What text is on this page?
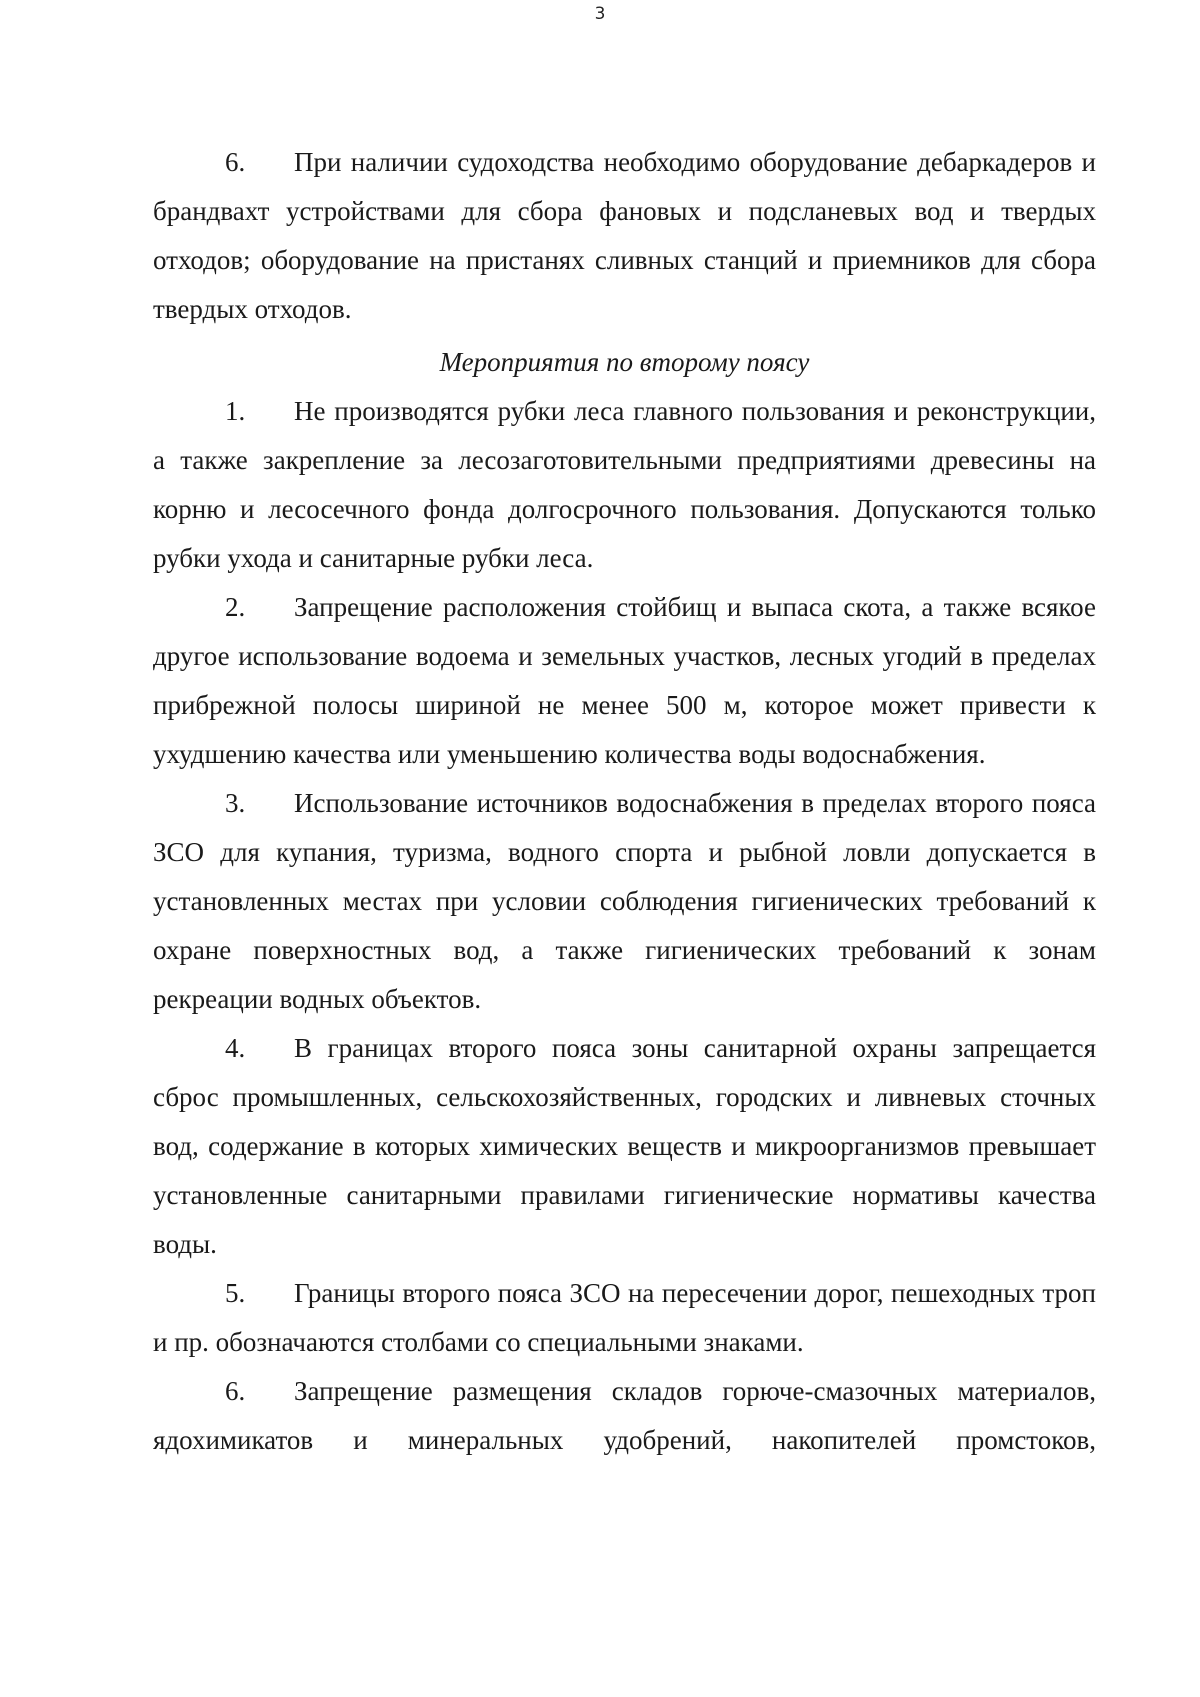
3

6. При наличии судоходства необходимо оборудование дебаркадеров и брандвахт устройствами для сбора фановых и подсланевых вод и твердых отходов; оборудование на пристанях сливных станций и приемников для сбора твердых отходов.

Мероприятия по второму поясу

1. Не производятся рубки леса главного пользования и реконструкции, а также закрепление за лесозаготовительными предприятиями древесины на корню и лесосечного фонда долгосрочного пользования. Допускаются только рубки ухода и санитарные рубки леса.

2. Запрещение расположения стойбищ и выпаса скота, а также всякое другое использование водоема и земельных участков, лесных угодий в пределах прибрежной полосы шириной не менее 500 м, которое может привести к ухудшению качества или уменьшению количества воды водоснабжения.

3. Использование источников водоснабжения в пределах второго пояса ЗСО для купания, туризма, водного спорта и рыбной ловли допускается в установленных местах при условии соблюдения гигиенических требований к охране поверхностных вод, а также гигиенических требований к зонам рекреации водных объектов.

4. В границах второго пояса зоны санитарной охраны запрещается сброс промышленных, сельскохозяйственных, городских и ливневых сточных вод, содержание в которых химических веществ и микроорганизмов превышает установленные санитарными правилами гигиенические нормативы качества воды.

5. Границы второго пояса ЗСО на пересечении дорог, пешеходных троп и пр. обозначаются столбами со специальными знаками.

6. Запрещение размещения складов горюче-смазочных материалов, ядохимикатов и минеральных удобрений, накопителей промстоков,
